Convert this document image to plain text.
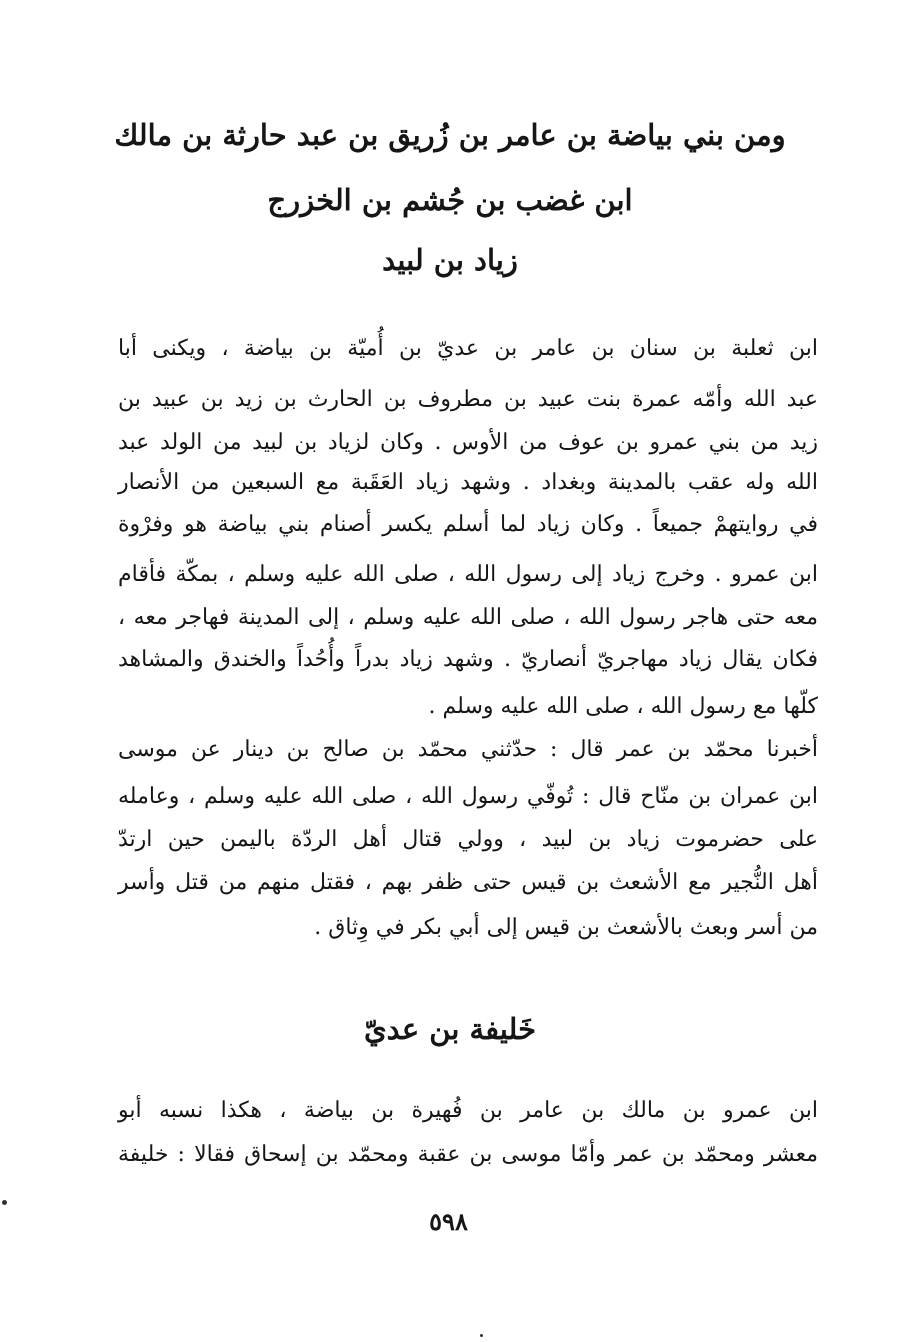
ومن بني بياضة بن عامر بن زُريق بن عبد حارثة بن مالك
ابن غضب بن جُشم بن الخزرج
زياد بن لبيد
ابن ثعلبة بن سنان بن عامر بن عديّ بن أُميّة بن بياضة ، ويكنى أبا
عبد الله وأمّه عمرة بنت عبيد بن مطروف بن الحارث بن زيد بن عبيد بن
زيد من بني عمرو بن عوف من الأوس . وكان لزياد بن لبيد من الولد عبد
الله وله عقب بالمدينة وبغداد . وشهد زياد العَقَبة مع السبعين من الأنصار
في روايتهمْ جميعاً . وكان زياد لما أسلم يكسر أصنام بني بياضة هو وفرْوة
ابن عمرو . وخرج زياد إلى رسول الله ، صلى الله عليه وسلم ، بمكّة فأقام
معه حتى هاجر رسول الله ، صلى الله عليه وسلم ، إلى المدينة فهاجر معه ،
فكان يقال زياد مهاجريّ أنصاريّ . وشهد زياد بدراً وأُحُداً والخندق والمشاهد
كلّها مع رسول الله ، صلى الله عليه وسلم .
أخبرنا محمّد بن عمر قال : حدّثني محمّد بن صالح بن دينار عن موسى
ابن عمران بن منّاح قال : تُوفّي رسول الله ، صلى الله عليه وسلم ، وعامله
على حضرموت زياد بن لبيد ، وولي قتال أهل الردّة باليمن حين ارتدّ
أهل النُّجير مع الأشعث بن قيس حتى ظفر بهم ، فقتل منهم من قتل وأسر
من أسر وبعث بالأشعث بن قيس إلى أبي بكر في وِثاق .
خَليفة بن عديّ
ابن عمرو بن مالك بن عامر بن فُهيرة بن بياضة ، هكذا نسبه أبو
معشر ومحمّد بن عمر وأمّا موسى بن عقبة ومحمّد بن إسحاق فقالا : خليفة
٥٩٨
